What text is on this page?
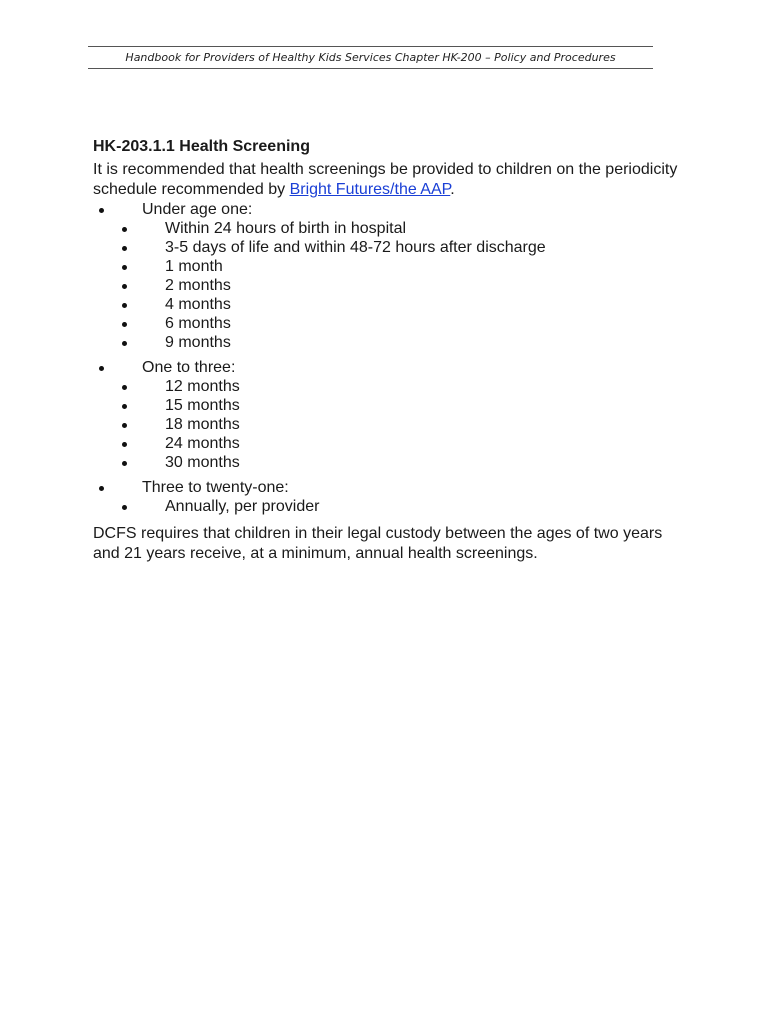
Handbook for Providers of Healthy Kids Services Chapter HK-200 – Policy and Procedures

HK-203.1.1 Health Screening

It is recommended that health screenings be provided to children on the periodicity schedule recommended by Bright Futures/the AAP.

Under age one:
Within 24 hours of birth in hospital
3-5 days of life and within 48-72 hours after discharge
1 month
2 months
4 months
6 months
9 months
One to three:
12 months
15 months
18 months
24 months
30 months
Three to twenty-one:
Annually, per provider

DCFS requires that children in their legal custody between the ages of two years and 21 years receive, at a minimum, annual health screenings.
